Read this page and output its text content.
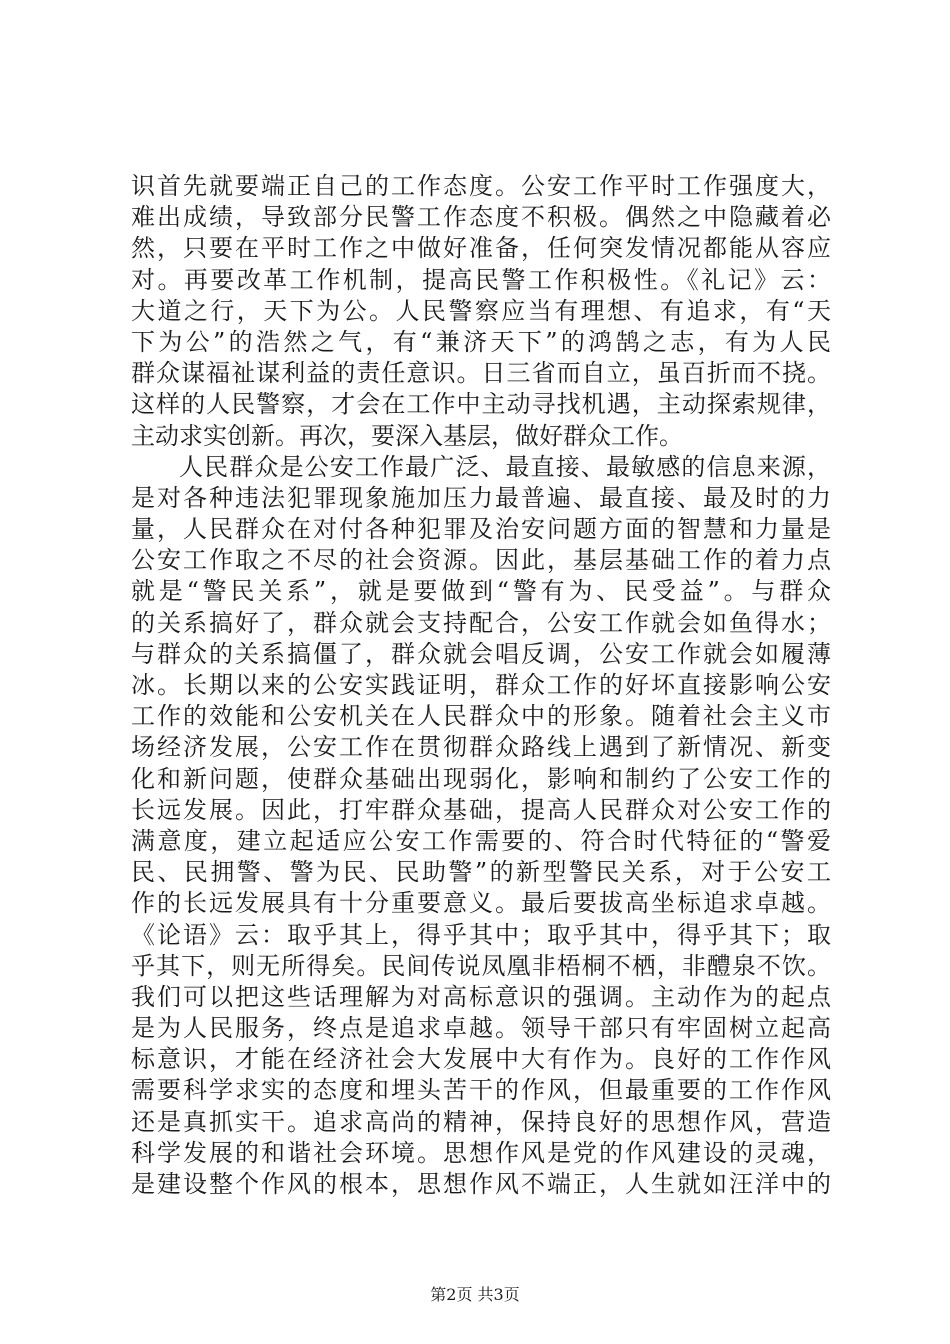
识首先就要端正自己的工作态度。公安工作平时工作强度大，
难出成绩，导致部分民警工作态度不积极。偶然之中隐藏着必
然，只要在平时工作之中做好准备，任何突发情况都能从容应
对。再要改革工作机制，提高民警工作积极性。《礼记》云：
大道之行，天下为公。人民警察应当有理想、有追求，有“天
下为公”的浩然之气，有“兼济天下”的鸿鹄之志，有为人民
群众谋福祉谋利益的责任意识。日三省而自立，虽百折而不挠。
这样的人民警察，才会在工作中主动寻找机遇，主动探索规律，
主动求实创新。再次，要深入基层，做好群众工作。
人民群众是公安工作最广泛、最直接、最敏感的信息来源，
是对各种违法犯罪现象施加压力最普遍、最直接、最及时的力
量，人民群众在对付各种犯罪及治安问题方面的智慧和力量是
公安工作取之不尽的社会资源。因此，基层基础工作的着力点
就是“警民关系”，就是要做到“警有为、民受益”。与群众
的关系搞好了，群众就会支持配合，公安工作就会如鱼得水；
与群众的关系搞僵了，群众就会唱反调，公安工作就会如履薄
冰。长期以来的公安实践证明，群众工作的好坏直接影响公安
工作的效能和公安机关在人民群众中的形象。随着社会主义市
场经济发展，公安工作在贯彻群众路线上遇到了新情况、新变
化和新问题，使群众基础出现弱化，影响和制约了公安工作的
长远发展。因此，打牢群众基础，提高人民群众对公安工作的
满意度，建立起适应公安工作需要的、符合时代特征的“警爱
民、民拥警、警为民、民助警”的新型警民关系，对于公安工
作的长远发展具有十分重要意义。最后要拔高坐标追求卓越。
《论语》云：取乎其上，得乎其中；取乎其中，得乎其下；取
乎其下，则无所得矣。民间传说凤凰非梧桐不栖，非醴泉不饮。
我们可以把这些话理解为对高标意识的强调。主动作为的起点
是为人民服务，终点是追求卓越。领导干部只有牢固树立起高
标意识，才能在经济社会大发展中大有作为。良好的工作作风
需要科学求实的态度和埋头苦干的作风，但最重要的工作作风
还是真抓实干。追求高尚的精神，保持良好的思想作风，营造
科学发展的和谐社会环境。思想作风是党的作风建设的灵魂，
是建设整个作风的根本，思想作风不端正，人生就如汪洋中的
第2页 共3页
